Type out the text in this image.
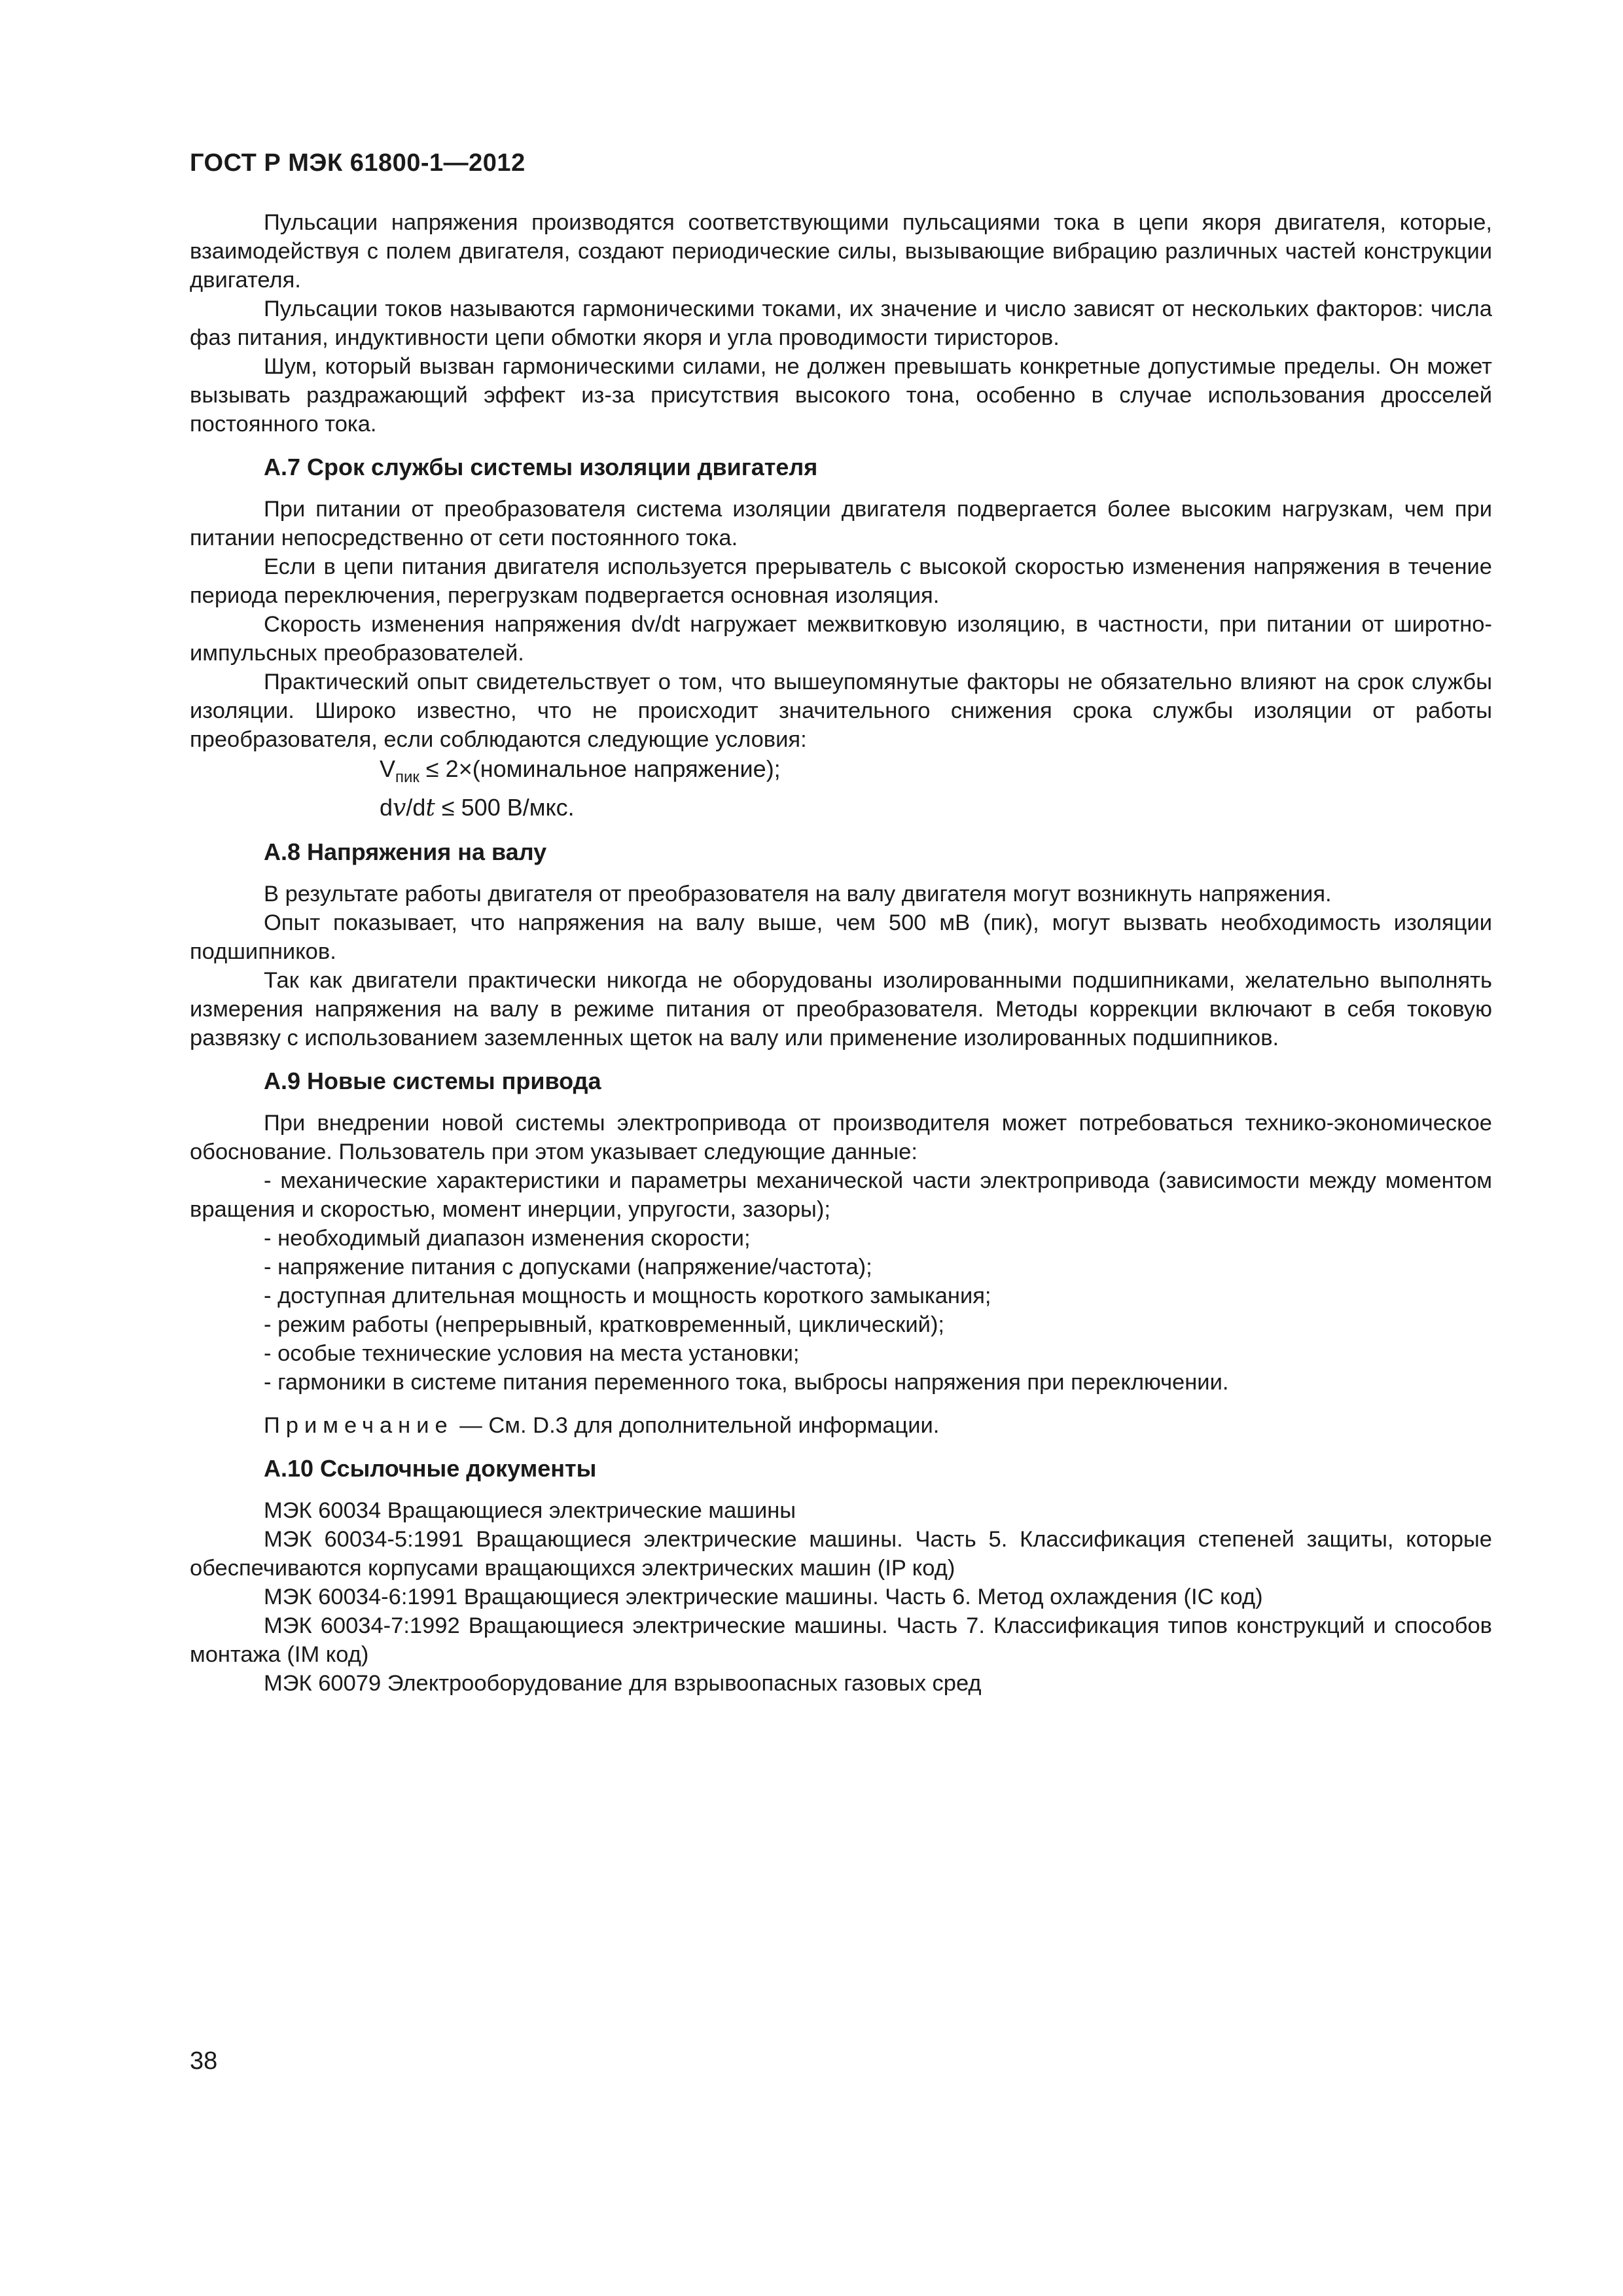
ГОСТ Р МЭК 61800-1—2012

Пульсации напряжения производятся соответствующими пульсациями тока в цепи якоря двигателя, которые, взаимодействуя с полем двигателя, создают периодические силы, вызывающие вибрацию различных частей конструкции двигателя.

Пульсации токов называются гармоническими токами, их значение и число зависят от нескольких факторов: числа фаз питания, индуктивности цепи обмотки якоря и угла проводимости тиристоров.

Шум, который вызван гармоническими силами, не должен превышать конкретные допустимые пределы. Он может вызывать раздражающий эффект из-за присутствия высокого тона, особенно в случае использования дросселей постоянного тока.

А.7 Срок службы системы изоляции двигателя

При питании от преобразователя система изоляции двигателя подвергается более высоким нагрузкам, чем при питании непосредственно от сети постоянного тока.

Если в цепи питания двигателя используется прерыватель с высокой скоростью изменения напряжения в течение периода переключения, перегрузкам подвергается основная изоляция.

Скорость изменения напряжения dv/dt нагружает межвитковую изоляцию, в частности, при питании от широтно-импульсных преобразователей.

Практический опыт свидетельствует о том, что вышеупомянутые факторы не обязательно влияют на срок службы изоляции. Широко известно, что не происходит значительного снижения срока службы изоляции от работы преобразователя, если соблюдаются следующие условия:

$V_{пик}$ ≤ 2×(номинальное напряжение);
dv/dt ≤ 500 В/мкс.
А.8 Напряжения на валу

В результате работы двигателя от преобразователя на валу двигателя могут возникнуть напряжения.

Опыт показывает, что напряжения на валу выше, чем 500 мВ (пик), могут вызвать необходимость изоляции подшипников.

Так как двигатели практически никогда не оборудованы изолированными подшипниками, желательно выполнять измерения напряжения на валу в режиме питания от преобразователя. Методы коррекции включают в себя токовую развязку с использованием заземленных щеток на валу или применение изолированных подшипников.

А.9 Новые системы привода

При внедрении новой системы электропривода от производителя может потребоваться технико-экономическое обоснование. Пользователь при этом указывает следующие данные:

- механические характеристики и параметры механической части электропривода (зависимости между моментом вращения и скоростью, момент инерции, упругости, зазоры);

- необходимый диапазон изменения скорости;

- напряжение питания с допусками (напряжение/частота);

- доступная длительная мощность и мощность короткого замыкания;

- режим работы (непрерывный, кратковременный, циклический);

- особые технические условия на места установки;

- гармоники в системе питания переменного тока, выбросы напряжения при переключении.

Примечание — См. D.3 для дополнительной информации.

А.10 Ссылочные документы

МЭК 60034 Вращающиеся электрические машины

МЭК 60034-5:1991 Вращающиеся электрические машины. Часть 5. Классификация степеней защиты, которые обеспечиваются корпусами вращающихся электрических машин (IP код)

МЭК 60034-6:1991 Вращающиеся электрические машины. Часть 6. Метод охлаждения (IC код)

МЭК 60034-7:1992 Вращающиеся электрические машины. Часть 7. Классификация типов конструкций и способов монтажа (IM код)

МЭК 60079 Электрооборудование для взрывоопасных газовых сред

38
